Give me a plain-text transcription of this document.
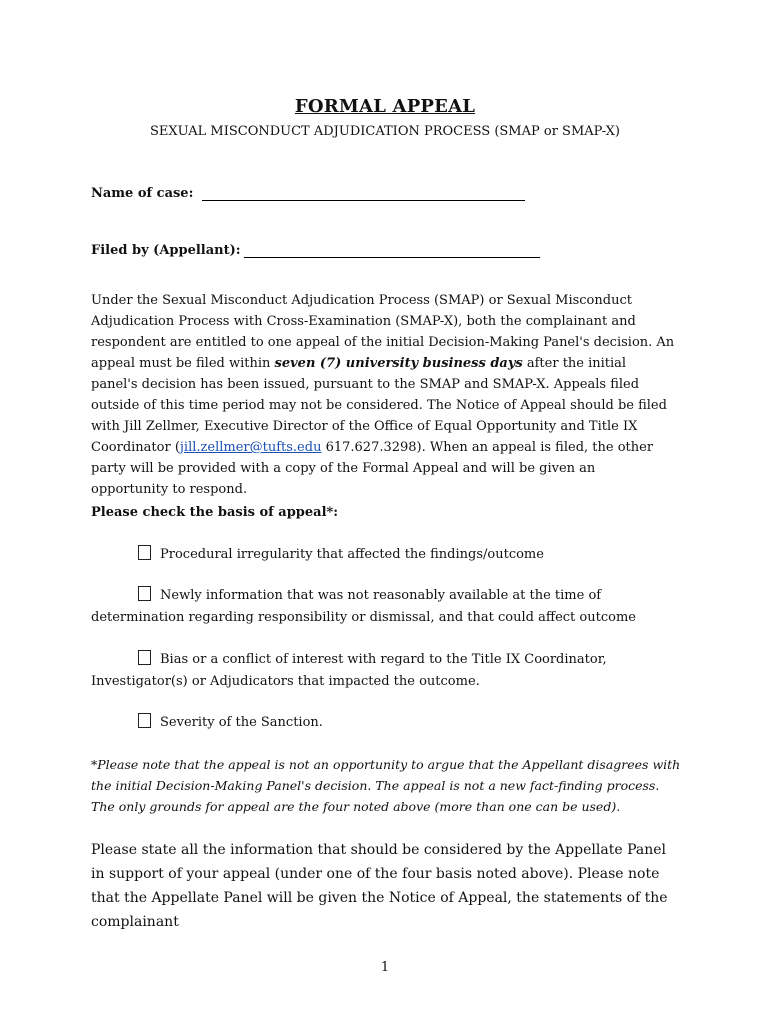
FORMAL APPEAL
SEXUAL MISCONDUCT ADJUDICATION PROCESS (SMAP or SMAP-X)
Name of case:
Filed by (Appellant):
Under the Sexual Misconduct Adjudication Process (SMAP) or Sexual Misconduct Adjudication Process with Cross-Examination (SMAP-X), both the complainant and respondent are entitled to one appeal of the initial Decision-Making Panel's decision. An appeal must be filed within seven (7) university business days after the initial panel's decision has been issued, pursuant to the SMAP and SMAP-X. Appeals filed outside of this time period may not be considered. The Notice of Appeal should be filed with Jill Zellmer, Executive Director of the Office of Equal Opportunity and Title IX Coordinator (jill.zellmer@tufts.edu 617.627.3298). When an appeal is filed, the other party will be provided with a copy of the Formal Appeal and will be given an opportunity to respond.
Please check the basis of appeal*:
Procedural irregularity that affected the findings/outcome
Newly information that was not reasonably available at the time of determination regarding responsibility or dismissal, and that could affect outcome
Bias or a conflict of interest with regard to the Title IX Coordinator, Investigator(s) or Adjudicators that impacted the outcome.
Severity of the Sanction.
*Please note that the appeal is not an opportunity to argue that the Appellant disagrees with the initial Decision-Making Panel's decision. The appeal is not a new fact-finding process. The only grounds for appeal are the four noted above (more than one can be used).
Please state all the information that should be considered by the Appellate Panel in support of your appeal (under one of the four basis noted above). Please note that the Appellate Panel will be given the Notice of Appeal, the statements of the complainant
1
